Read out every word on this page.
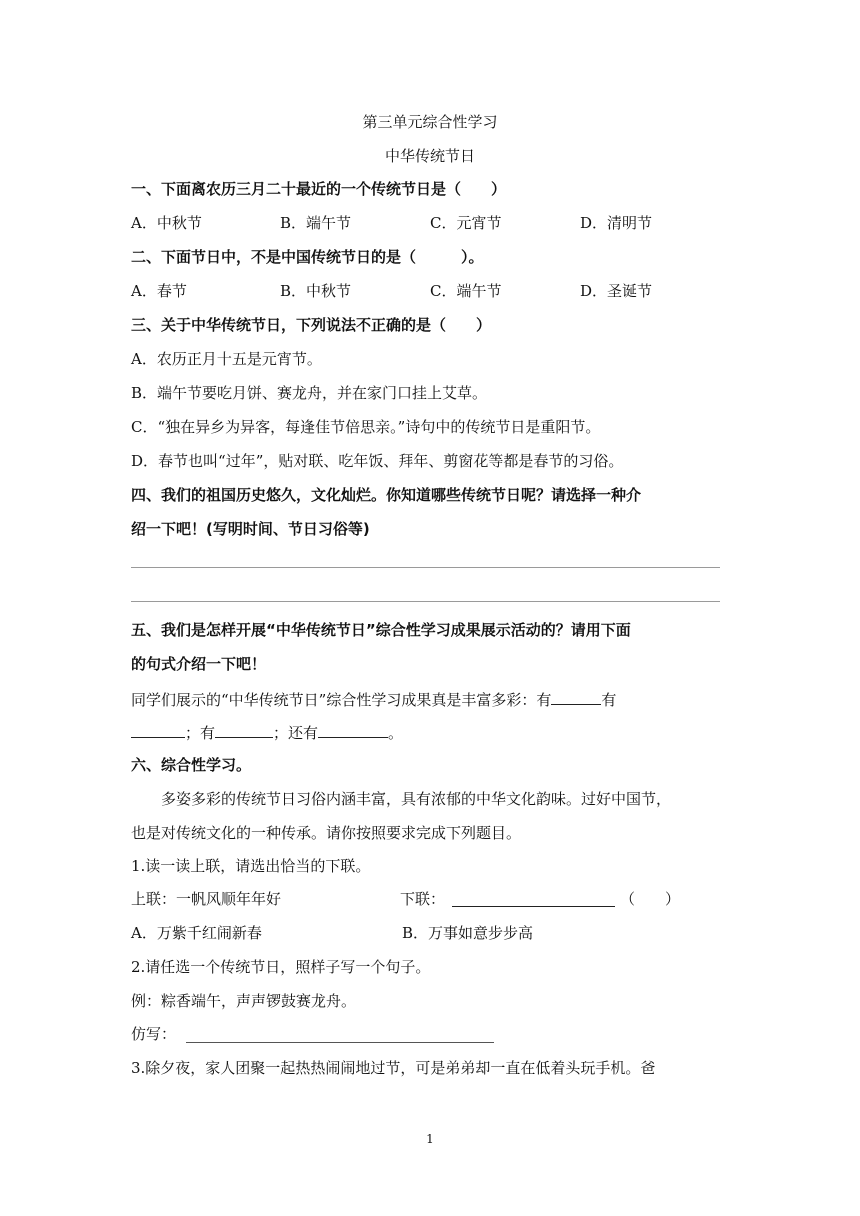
第三单元综合性学习
中华传统节日
一、下面离农历三月二十最近的一个传统节日是（　　）
A．中秋节	B．端午节	C．元宵节	D．清明节
二、下面节日中，不是中国传统节日的是（　　　）。
A．春节	B．中秋节	C．端午节	D．圣诞节
三、关于中华传统节日，下列说法不正确的是（　　）
A．农历正月十五是元宵节。
B．端午节要吃月饼、赛龙舟，并在家门口挂上艾草。
C．“独在异乡为异客，每逢佳节倍思亲。”诗句中的传统节日是重阳节。
D．春节也叫“过年”，贴对联、吃年饭、拜年、剪窗花等都是春节的习俗。
四、我们的祖国历史悠久，文化灿烂。你知道哪些传统节日呢？请选择一种介
绍一下吧！(写明时间、节日习俗等)
五、我们是怎样开展“中华传统节日”综合性学习成果展示活动的？请用下面
的句式介绍一下吧！
同学们展示的“中华传统节日”综合性学习成果真是丰富多彩：有	有
；有	；还有	。
六、综合性学习。
多姿多彩的传统节日习俗内涵丰富，具有浓郁的中华文化韵味。过好中国节，
也是对传统文化的一种传承。请你按照要求完成下列题目。
1.读一读上联，请选出恰当的下联。
上联：一帆风顺年年好	下联：	（　　）
A．万紫千红闹新春	B．万事如意步步高
2.请任选一个传统节日，照样子写一个句子。
例：粽香端午，声声锣鼓赛龙舟。
仿写：
3.除夕夜，家人团聚一起热热闹闹地过节，可是弟弟却一直在低着头玩手机。爸
1
